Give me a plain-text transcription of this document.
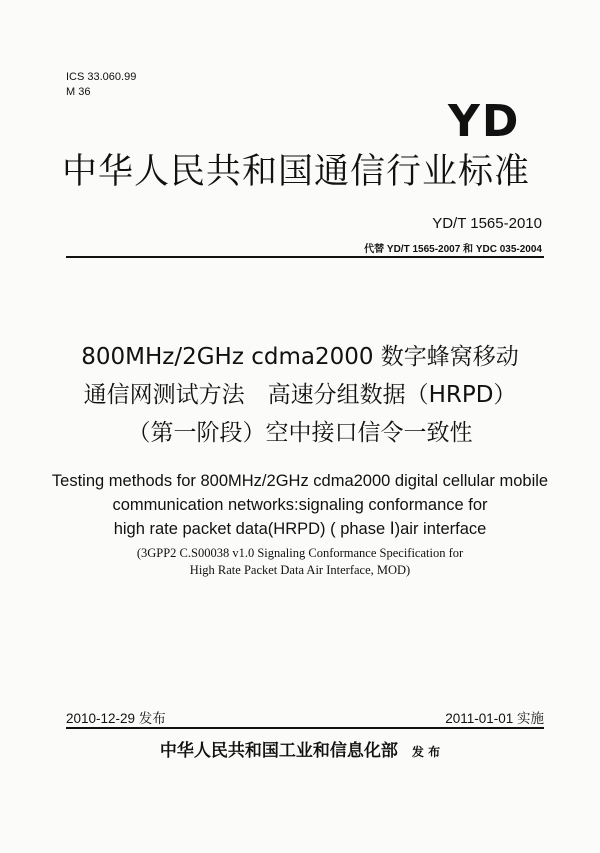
ICS 33.060.99
M 36
YD
中华人民共和国通信行业标准
YD/T 1565-2010
代替 YD/T 1565-2007 和 YDC 035-2004
800MHz/2GHz cdma2000 数字蜂窝移动
通信网测试方法　高速分组数据（HRPD）
（第一阶段）空中接口信令一致性
Testing methods for 800MHz/2GHz cdma2000 digital cellular mobile
communication networks:signaling conformance for
high rate packet data(HRPD) ( phase Ⅰ)air interface
(3GPP2 C.S00038 v1.0 Signaling Conformance Specification for
High Rate Packet Data Air Interface, MOD)
2010-12-29 发布	2011-01-01 实施
中华人民共和国工业和信息化部 发 布
